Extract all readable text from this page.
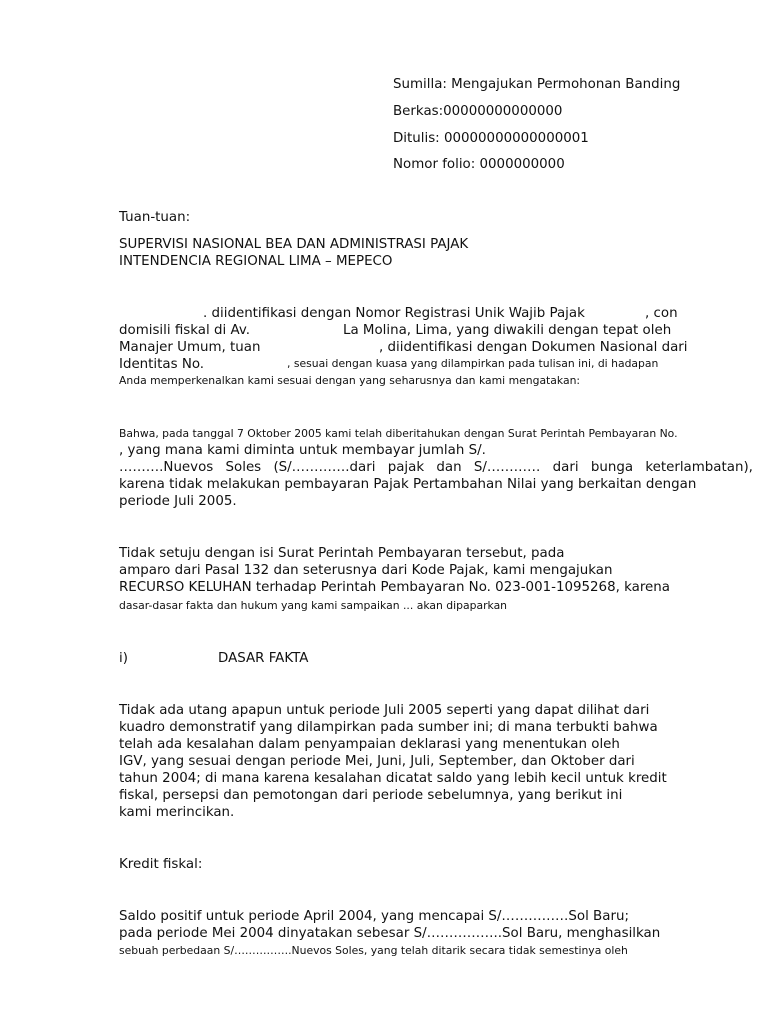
Sumilla: Mengajukan Permohonan Banding
Berkas:00000000000000
Ditulis: 00000000000000001
Nomor folio: 0000000000
Tuan-tuan:
SUPERVISI NASIONAL BEA DAN ADMINISTRASI PAJAK
INTENDENCIA REGIONAL LIMA – MEPECO
. diidentifikasi dengan Nomor Registrasi Unik Wajib Pajak	, con
domisili fiskal di Av.	La Molina, Lima, yang diwakili dengan tepat oleh
Manajer Umum, tuan	, diidentifikasi dengan Dokumen Nasional dari
Identitas No.	, sesuai dengan kuasa yang dilampirkan pada tulisan ini, di hadapan
Anda memperkenalkan kami sesuai dengan yang seharusnya dan kami mengatakan:
Bahwa, pada tanggal 7 Oktober 2005 kami telah diberitahukan dengan Surat Perintah Pembayaran No.
, yang mana kami diminta untuk membayar jumlah S/.
……….Nuevos Soles (S/………….dari pajak dan S/………… dari bunga keterlambatan),
karena tidak melakukan pembayaran Pajak Pertambahan Nilai yang berkaitan dengan
periode Juli 2005.
Tidak setuju dengan isi Surat Perintah Pembayaran tersebut, pada
amparo dari Pasal 132 dan seterusnya dari Kode Pajak, kami mengajukan
RECURSO KELUHAN terhadap Perintah Pembayaran No. 023-001-1095268, karena
dasar-dasar fakta dan hukum yang kami sampaikan ... akan dipaparkan
i)	DASAR FAKTA
Tidak ada utang apapun untuk periode Juli 2005 seperti yang dapat dilihat dari
kuadro demonstratif yang dilampirkan pada sumber ini; di mana terbukti bahwa
telah ada kesalahan dalam penyampaian deklarasi yang menentukan oleh
IGV, yang sesuai dengan periode Mei, Juni, Juli, September, dan Oktober dari
tahun 2004; di mana karena kesalahan dicatat saldo yang lebih kecil untuk kredit
fiskal, persepsi dan pemotongan dari periode sebelumnya, yang berikut ini
kami merincikan.
Kredit fiskal:
Saldo positif untuk periode April 2004, yang mencapai S/……………Sol Baru;
pada periode Mei 2004 dinyatakan sebesar S/……………..Sol Baru, menghasilkan
sebuah perbedaan S/…………….Nuevos Soles, yang telah ditarik secara tidak semestinya oleh
